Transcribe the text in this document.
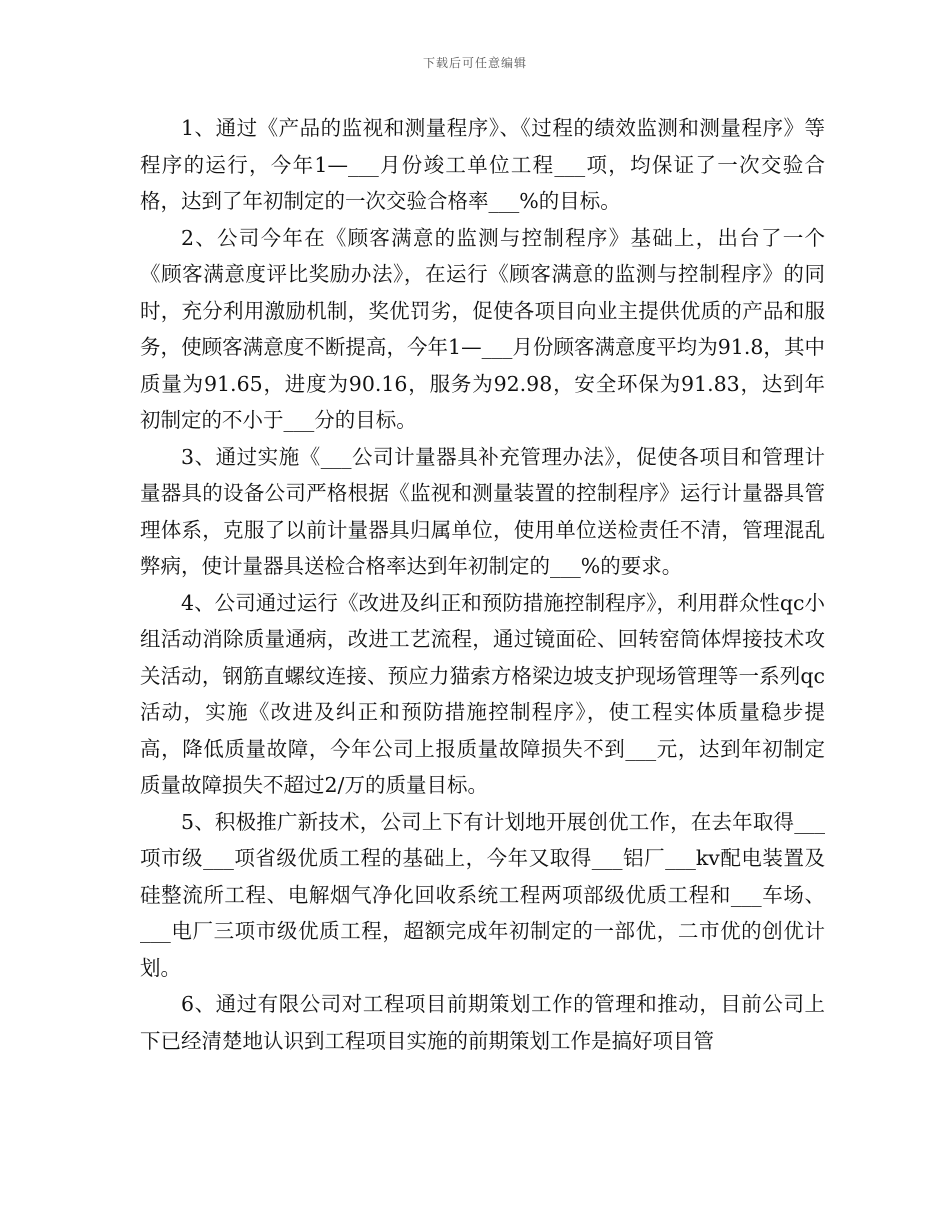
下载后可任意编辑

1、通过《产品的监视和测量程序》、《过程的绩效监测和测量程序》等程序的运行，今年1—___月份竣工单位工程___项，均保证了一次交验合格，达到了年初制定的一次交验合格率___%的目标。

2、公司今年在《顾客满意的监测与控制程序》基础上，出台了一个《顾客满意度评比奖励办法》，在运行《顾客满意的监测与控制程序》的同时，充分利用激励机制，奖优罚劣，促使各项目向业主提供优质的产品和服务，使顾客满意度不断提高，今年1—___月份顾客满意度平均为91.8，其中质量为91.65，进度为90.16，服务为92.98，安全环保为91.83，达到年初制定的不小于___分的目标。

3、通过实施《___公司计量器具补充管理办法》，促使各项目和管理计量器具的设备公司严格根据《监视和测量装置的控制程序》运行计量器具管理体系，克服了以前计量器具归属单位，使用单位送检责任不清，管理混乱弊病，使计量器具送检合格率达到年初制定的___%的要求。

4、公司通过运行《改进及纠正和预防措施控制程序》，利用群众性qc小组活动消除质量通病，改进工艺流程，通过镜面砼、回转窑筒体焊接技术攻关活动，钢筋直螺纹连接、预应力猫索方格梁边坡支护现场管理等一系列qc活动，实施《改进及纠正和预防措施控制程序》，使工程实体质量稳步提高，降低质量故障，今年公司上报质量故障损失不到___元，达到年初制定质量故障损失不超过2/万的质量目标。

5、积极推广新技术，公司上下有计划地开展创优工作，在去年取得___项市级___项省级优质工程的基础上，今年又取得___铝厂___kv配电装置及硅整流所工程、电解烟气净化回收系统工程两项部级优质工程和___车场、___电厂三项市级优质工程，超额完成年初制定的一部优，二市优的创优计划。

6、通过有限公司对工程项目前期策划工作的管理和推动，目前公司上下已经清楚地认识到工程项目实施的前期策划工作是搞好项目管
